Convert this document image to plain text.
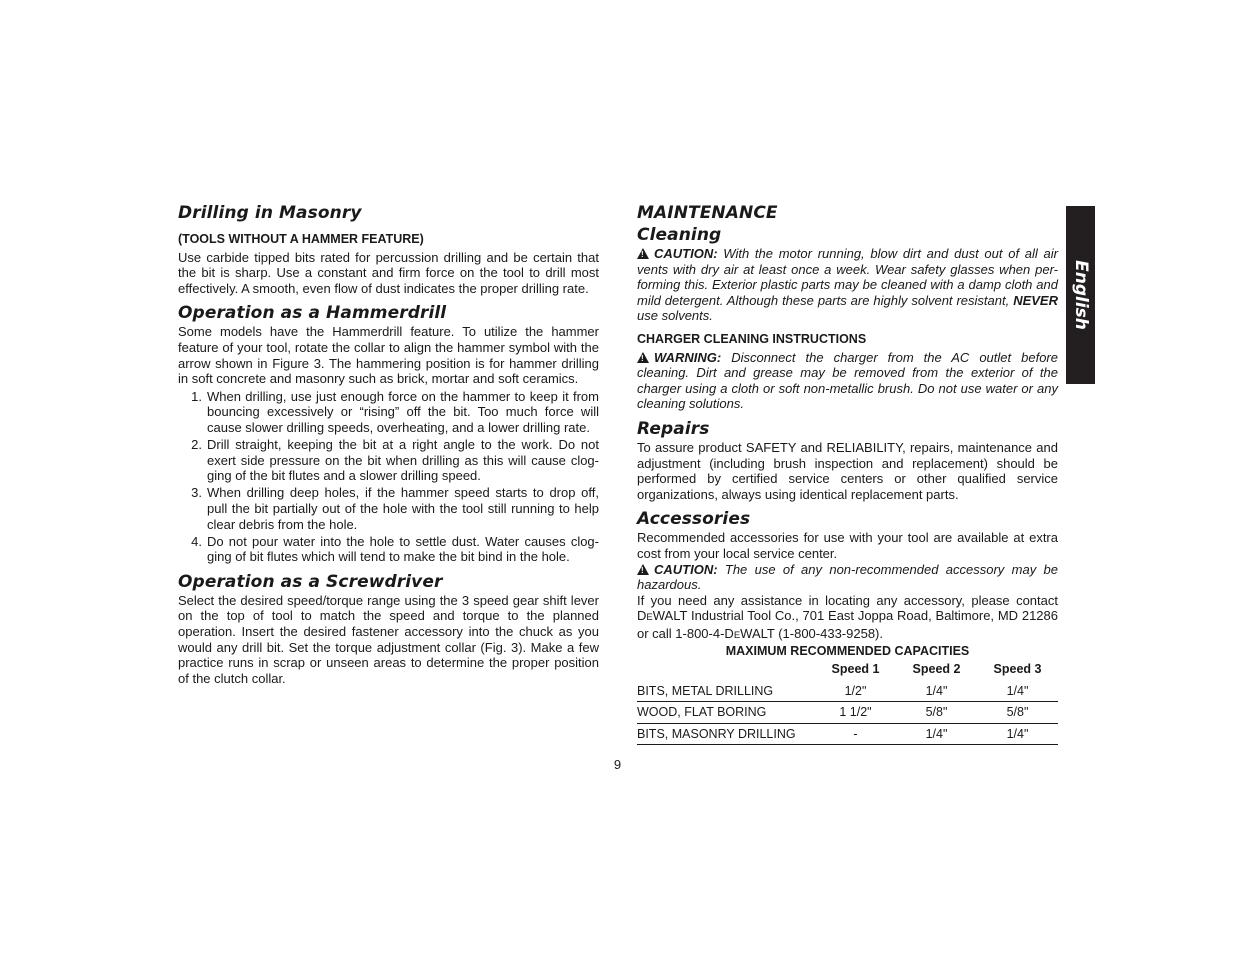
Drilling in Masonry
(TOOLS WITHOUT A HAMMER FEATURE)

Use carbide tipped bits rated for percussion drilling and be certain that the bit is sharp. Use a constant and firm force on the tool to drill most effectively. A smooth, even flow of dust indicates the proper drilling rate.

Operation as a Hammerdrill

Some models have the Hammerdrill feature. To utilize the hammer feature of your tool, rotate the collar to align the hammer symbol with the arrow shown in Figure 3. The hammering position is for hammer drilling in soft concrete and masonry such as brick, mortar and soft ceramics.

1. When drilling, use just enough force on the hammer to keep it from bouncing excessively or “rising” off the bit. Too much force will cause slower drilling speeds, overheating, and a lower drilling rate.
2. Drill straight, keeping the bit at a right angle to the work. Do not exert side pressure on the bit when drilling as this will cause clog-ging of the bit flutes and a slower drilling speed.
3. When drilling deep holes, if the hammer speed starts to drop off, pull the bit partially out of the hole with the tool still running to help clear debris from the hole.
4. Do not pour water into the hole to settle dust. Water causes clog-ging of bit flutes which will tend to make the bit bind in the hole.
Operation as a Screwdriver

Select the desired speed/torque range using the 3 speed gear shift lever on the top of tool to match the speed and torque to the planned operation. Insert the desired fastener accessory into the chuck as you would any drill bit. Set the torque adjustment collar (Fig. 3). Make a few practice runs in scrap or unseen areas to determine the proper position of the clutch collar.

MAINTENANCE
Cleaning

!CAUTION: With the motor running, blow dirt and dust out of all air vents with dry air at least once a week. Wear safety glasses when per-forming this. Exterior plastic parts may be cleaned with a damp cloth and mild detergent. Although these parts are highly solvent resistant, NEVER use solvents.

CHARGER CLEANING INSTRUCTIONS

!WARNING: Disconnect the charger from the AC outlet before cleaning. Dirt and grease may be removed from the exterior of the charger using a cloth or soft non-metallic brush. Do not use water or any cleaning solutions.

Repairs

To assure product SAFETY and RELIABILITY, repairs, maintenance and adjustment (including brush inspection and replacement) should be performed by certified service centers or other qualified service organizations, always using identical replacement parts.

Accessories

Recommended accessories for use with your tool are available at extra cost from your local service center.

!CAUTION: The use of any non-recommended accessory may be hazardous.

If you need any assistance in locating any accessory, please contact DEWALT Industrial Tool Co., 701 East Joppa Road, Baltimore, MD 21286 or call 1-800-4-DEWALT (1-800-433-9258).

MAXIMUM RECOMMENDED CAPACITIES
	Speed 1	Speed 2	Speed 3
BITS, METAL DRILLING	1/2"	1/4"	1/4"
WOOD, FLAT BORING	1 1/2"	5/8"	5/8"
BITS, MASONRY DRILLING	-	1/4"	1/4"
English
9
